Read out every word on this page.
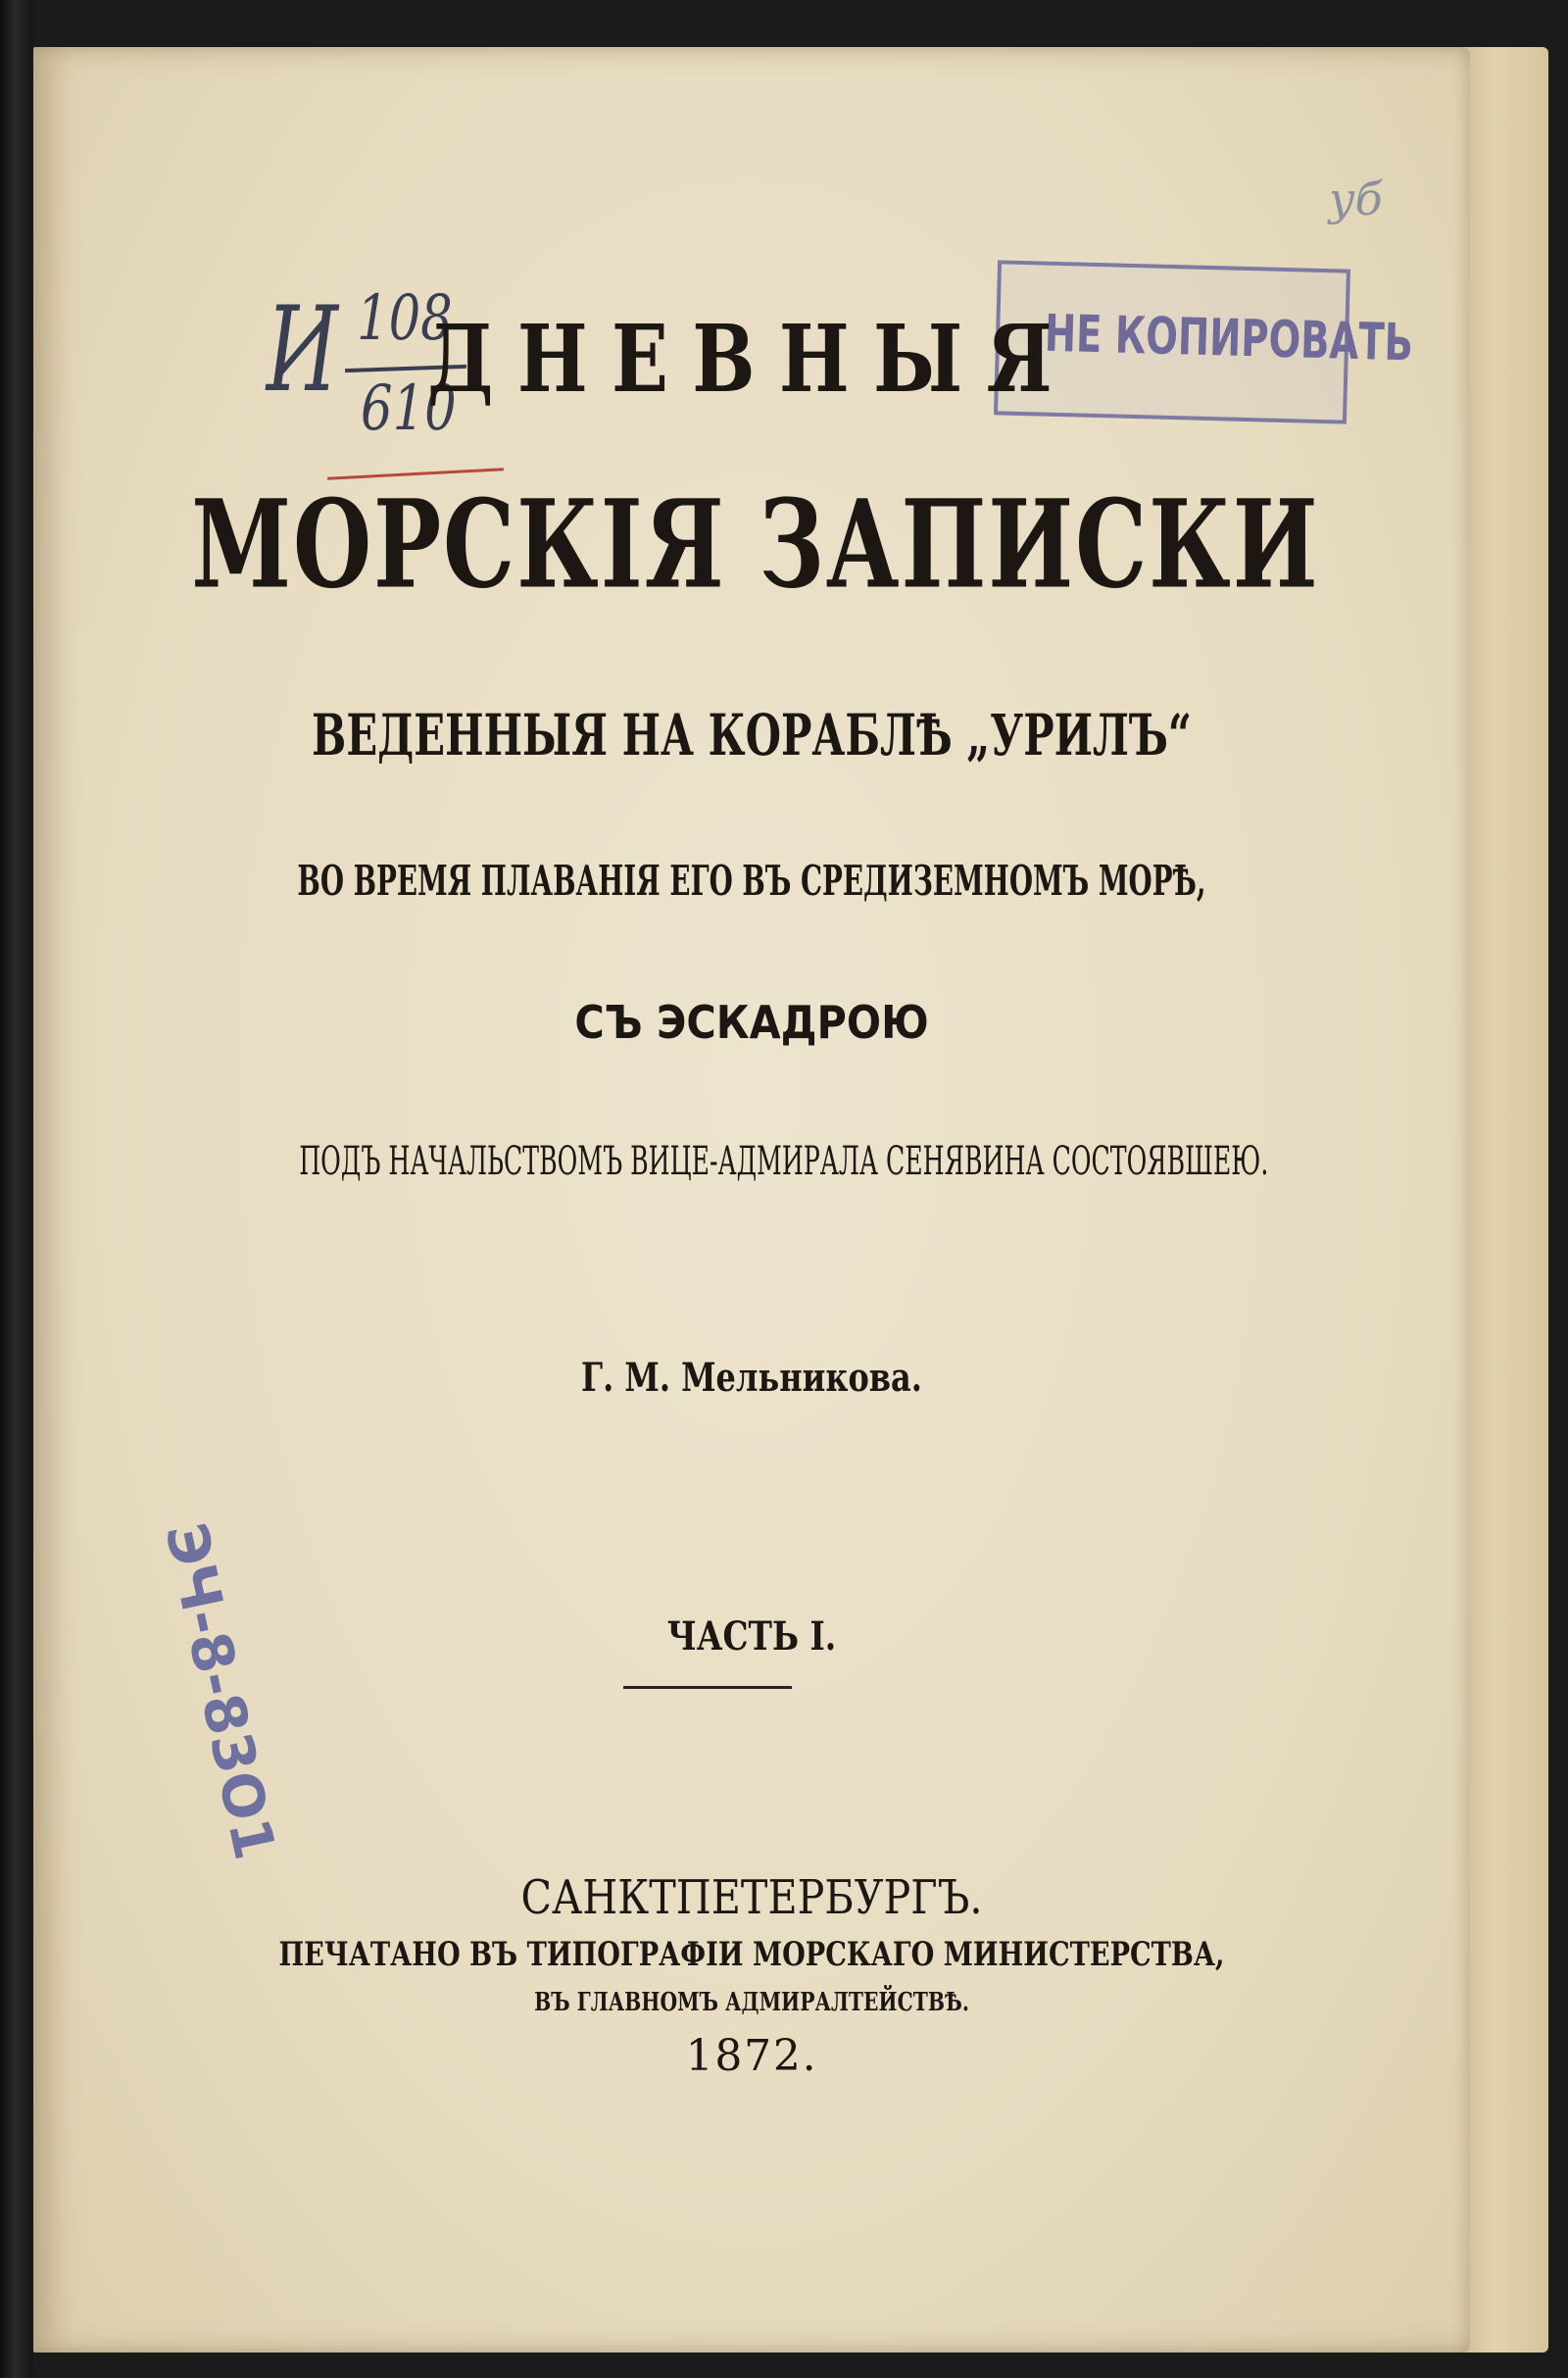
И 108
610
уб
НЕ КОПИРОВАТЬ
ДНЕВНЫЯ
МОРСКІЯ ЗАПИСКИ
ВЕДЕННЫЯ НА КОРАБЛѢ „УРИЛЪ“
ВО ВРЕМЯ ПЛАВАНІЯ ЕГО ВЪ СРЕДИЗЕМНОМЪ МОРѢ,
СЪ ЭСКАДРОЮ
ПОДЪ НАЧАЛЬСТВОМЪ ВИЦЕ-АДМИРАЛА СЕНЯВИНА СОСТОЯВШЕЮ.
Г. М. Мельникова.
ЭЧ-8-83О1	ЧАСТЬ I.
САНКТПЕТЕРБУРГЪ.
ПЕЧАТАНО ВЪ ТИПОГРАФІИ МОРСКАГО МИНИСТЕРСТВА,
ВЪ ГЛАВНОМЪ АДМИРАЛТЕЙСТВѢ.
1872.
